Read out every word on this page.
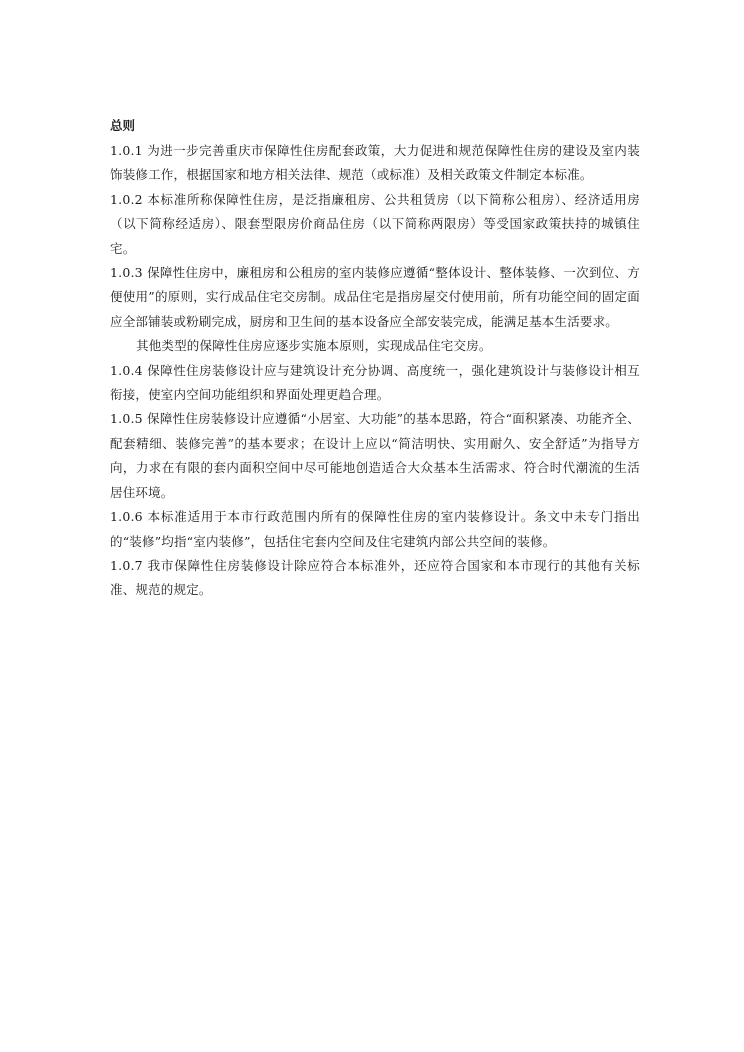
总则

1.0.1 为进一步完善重庆市保障性住房配套政策，大力促进和规范保障性住房的建设及室内装饰装修工作，根据国家和地方相关法律、规范（或标准）及相关政策文件制定本标准。

1.0.2 本标准所称保障性住房，是泛指廉租房、公共租赁房（以下简称公租房）、经济适用房（以下简称经适房）、限套型限房价商品住房（以下简称两限房）等受国家政策扶持的城镇住宅。

1.0.3 保障性住房中，廉租房和公租房的室内装修应遵循“整体设计、整体装修、一次到位、方便使用”的原则，实行成品住宅交房制。成品住宅是指房屋交付使用前，所有功能空间的固定面应全部铺装或粉刷完成，厨房和卫生间的基本设备应全部安装完成，能满足基本生活要求。

其他类型的保障性住房应逐步实施本原则，实现成品住宅交房。

1.0.4 保障性住房装修设计应与建筑设计充分协调、高度统一，强化建筑设计与装修设计相互衔接，使室内空间功能组织和界面处理更趋合理。

1.0.5 保障性住房装修设计应遵循“小居室、大功能”的基本思路，符合“面积紧凑、功能齐全、配套精细、装修完善”的基本要求；在设计上应以“简洁明快、实用耐久、安全舒适”为指导方向，力求在有限的套内面积空间中尽可能地创造适合大众基本生活需求、符合时代潮流的生活居住环境。

1.0.6 本标准适用于本市行政范围内所有的保障性住房的室内装修设计。条文中未专门指出的“装修”均指“室内装修”，包括住宅套内空间及住宅建筑内部公共空间的装修。

1.0.7 我市保障性住房装修设计除应符合本标准外，还应符合国家和本市现行的其他有关标准、规范的规定。
